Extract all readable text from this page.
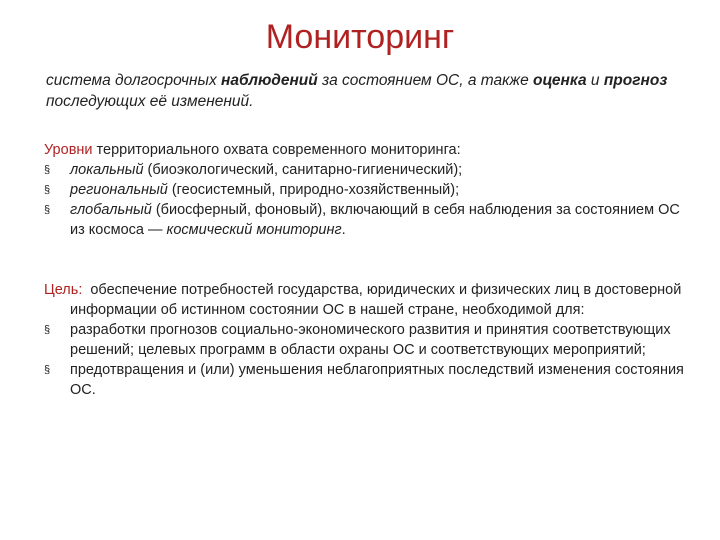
Мониторинг
система долгосрочных наблюдений за состоянием ОС, а также оценка и прогноз последующих её изменений.
Уровни территориального охвата современного мониторинга:
§	локальный (биоэкологический, санитарно-гигиенический);
§	региональный (геосистемный, природно-хозяйственный);
§	глобальный (биосферный, фоновый), включающий в себя наблюдения за состоянием ОС из космоса — космический мониторинг.
Цель: обеспечение потребностей государства, юридических и физических лиц в достоверной информации об истинном состоянии ОС в нашей стране, необходимой для:
§	разработки прогнозов социально-экономического развития и принятия соответствующих решений; целевых программ в области охраны ОС и соответствующих мероприятий;
§	предотвращения и (или) уменьшения неблагоприятных последствий изменения состояния ОС.
